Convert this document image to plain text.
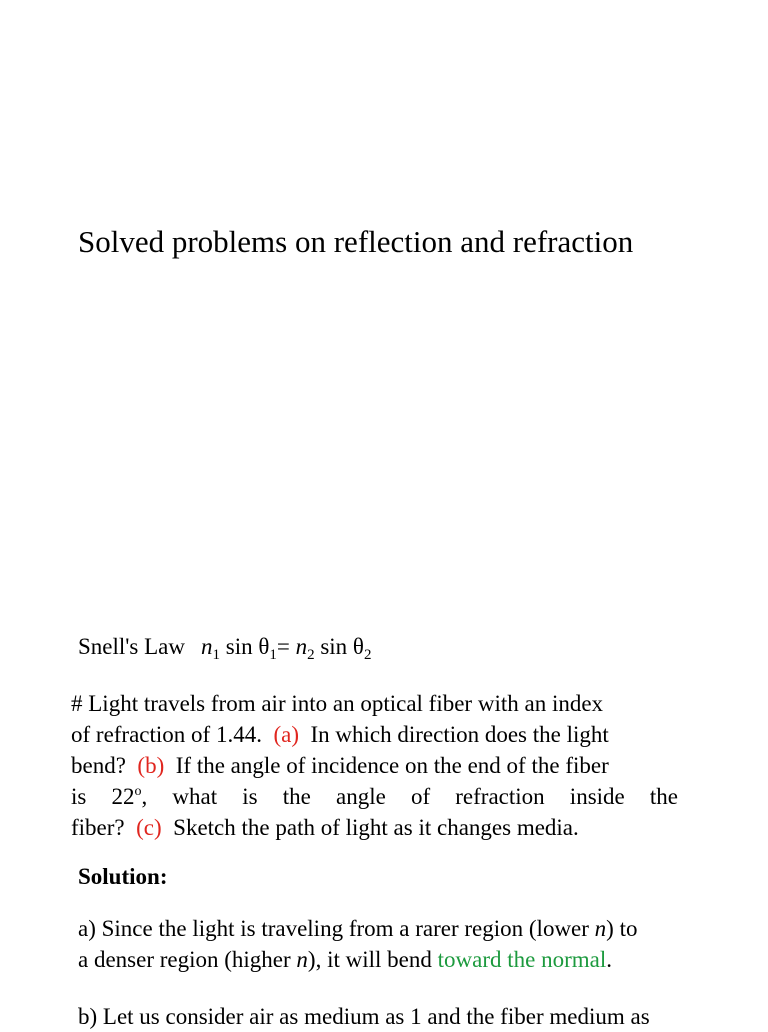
Solved problems on reflection and refraction
Snell's Law $n_1$ $\sin \theta_1= n_2$ $\sin \theta_2$
# Light travels from air into an optical fiber with an index
of refraction of 1.44. (a) In which direction does the light
bend? (b) If the angle of incidence on the end of the fiber
is 22$^o$, what is the angle of refraction inside the
fiber? (c) Sketch the path of light as it changes media.
Solution:
a) Since the light is traveling from a rarer region (lower n) to
a denser region (higher n), it will bend toward the normal.
b) Let us consider air as medium as 1 and the fiber medium as
